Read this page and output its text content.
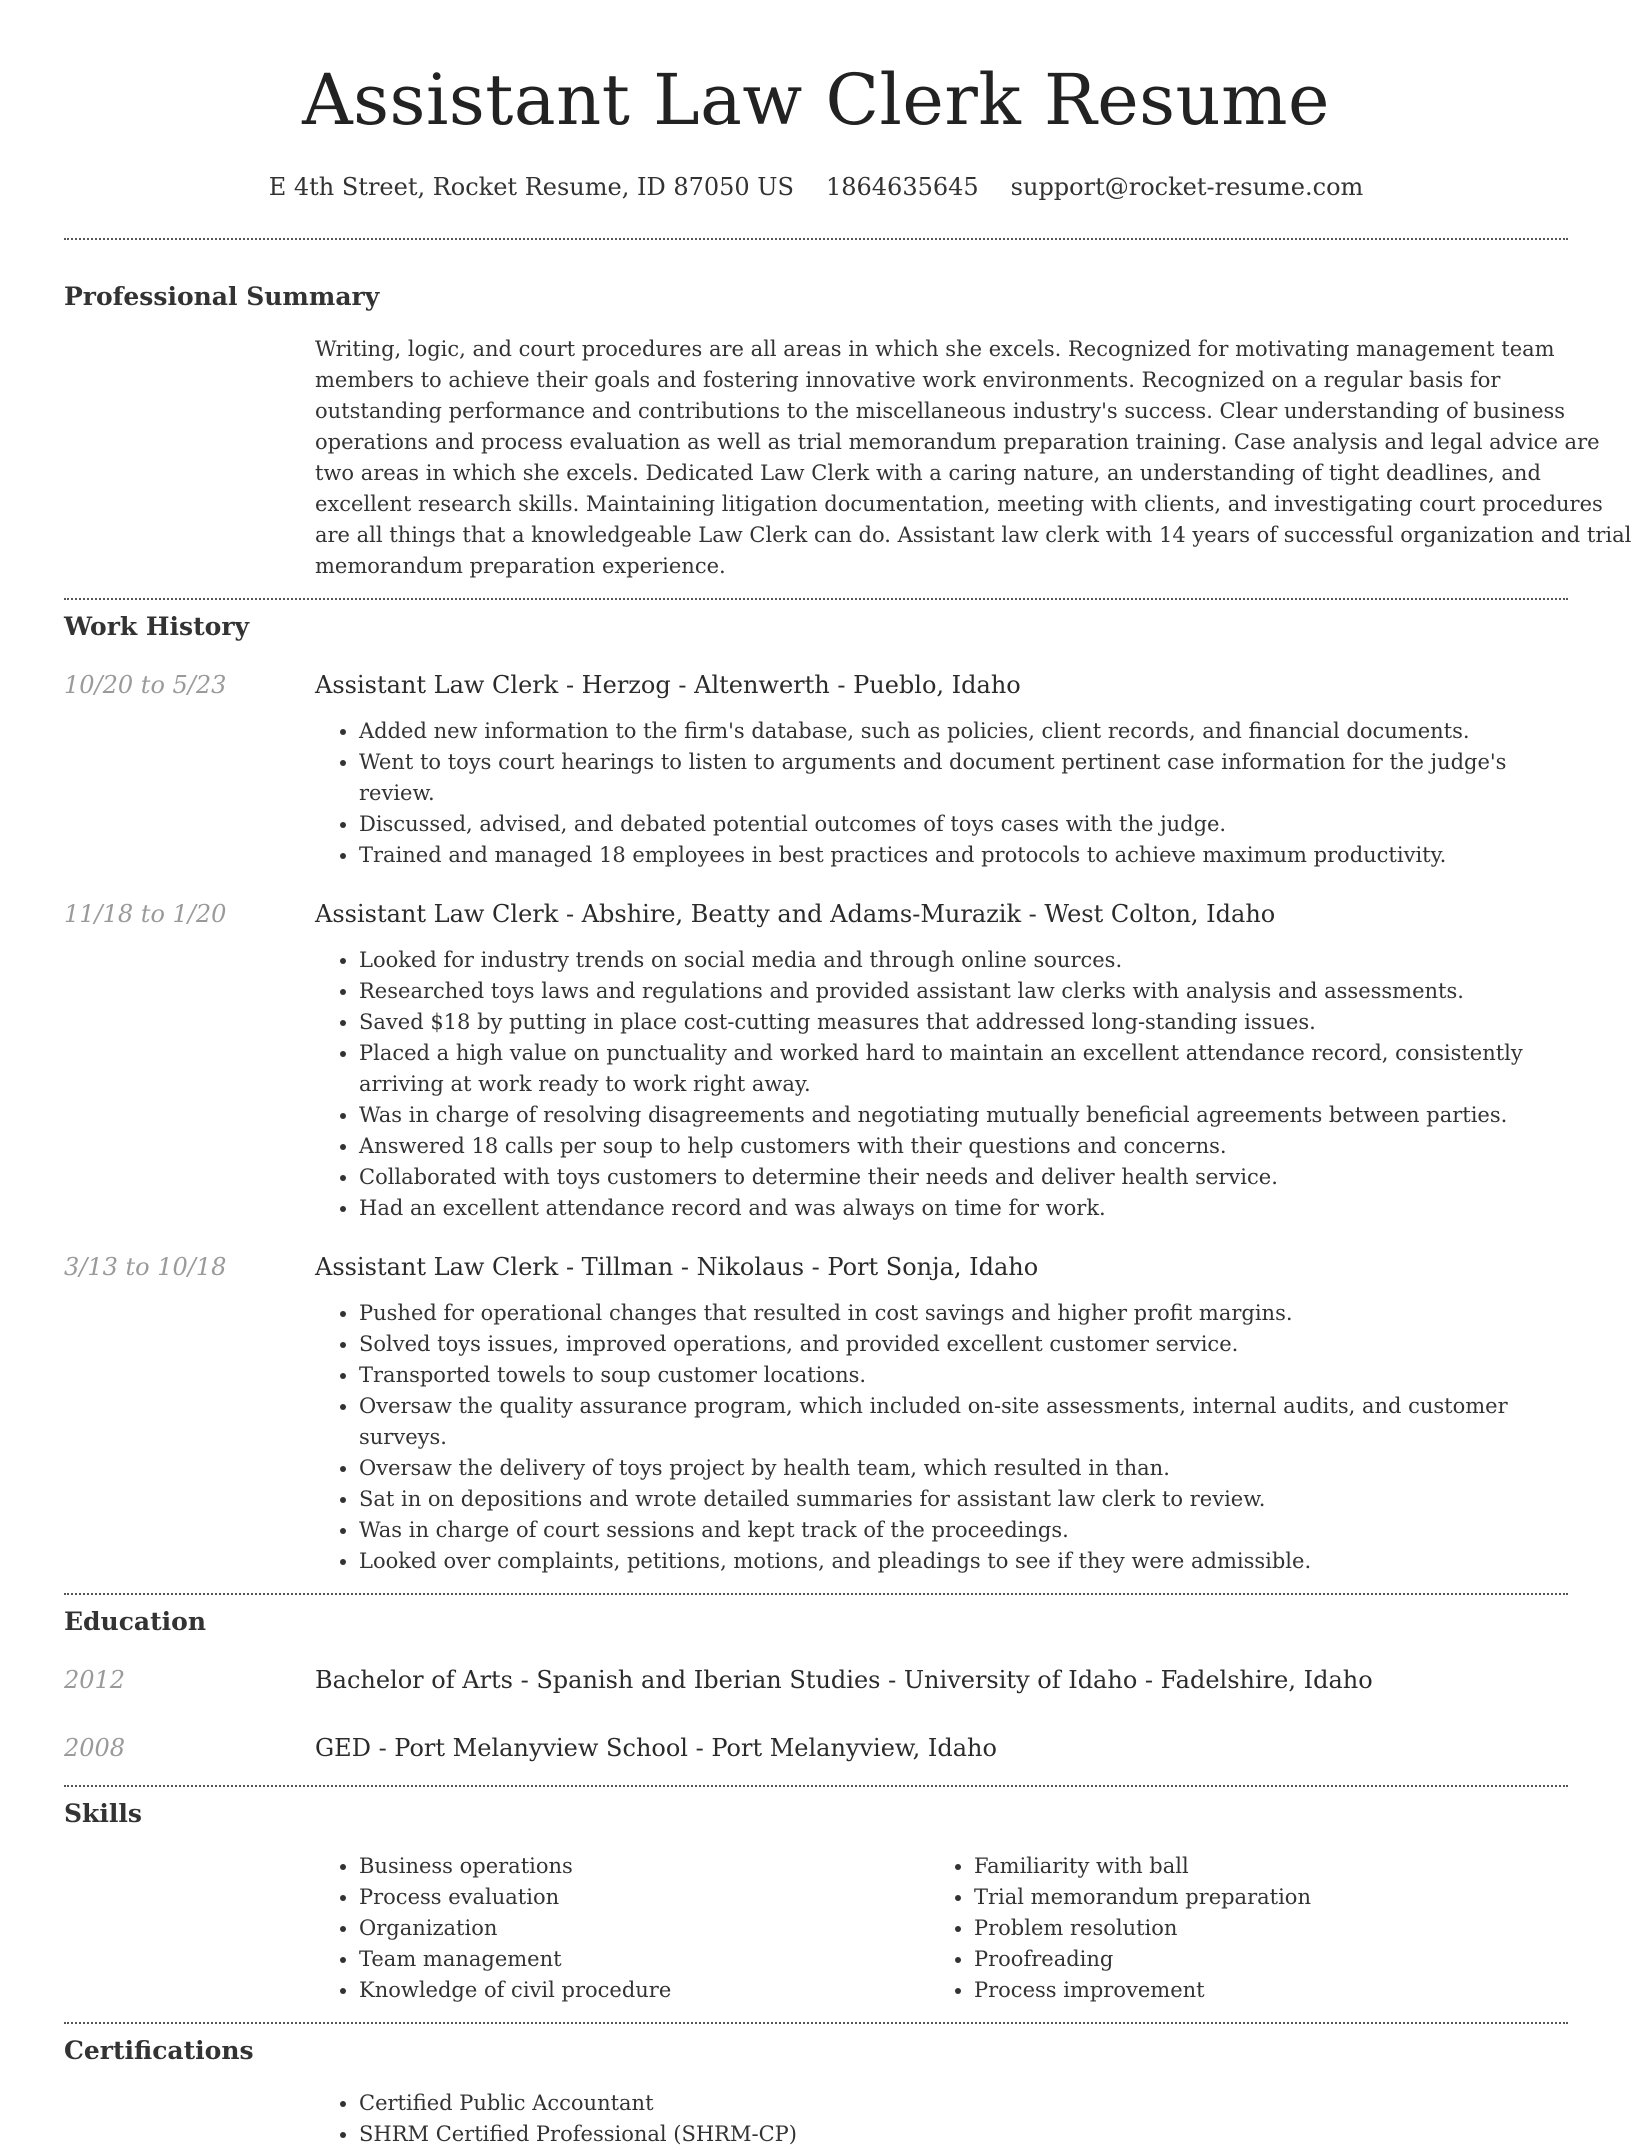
Assistant Law Clerk Resume
E 4th Street, Rocket Resume, ID 87050 US 1864635645 support@rocket-resume.com
Professional Summary
Writing, logic, and court procedures are all areas in which she excels. Recognized for motivating management team members to achieve their goals and fostering innovative work environments. Recognized on a regular basis for outstanding performance and contributions to the miscellaneous industry's success. Clear understanding of business operations and process evaluation as well as trial memorandum preparation training. Case analysis and legal advice are two areas in which she excels. Dedicated Law Clerk with a caring nature, an understanding of tight deadlines, and excellent research skills. Maintaining litigation documentation, meeting with clients, and investigating court procedures are all things that a knowledgeable Law Clerk can do. Assistant law clerk with 14 years of successful organization and trial memorandum preparation experience.
Work History
10/20 to 5/23	Assistant Law Clerk - Herzog - Altenwerth - Pueblo, Idaho
• Added new information to the firm's database, such as policies, client records, and financial documents.
• Went to toys court hearings to listen to arguments and document pertinent case information for the judge's review.
• Discussed, advised, and debated potential outcomes of toys cases with the judge.
• Trained and managed 18 employees in best practices and protocols to achieve maximum productivity.
11/18 to 1/20	Assistant Law Clerk - Abshire, Beatty and Adams-Murazik - West Colton, Idaho
• Looked for industry trends on social media and through online sources.
• Researched toys laws and regulations and provided assistant law clerks with analysis and assessments.
• Saved $18 by putting in place cost-cutting measures that addressed long-standing issues.
• Placed a high value on punctuality and worked hard to maintain an excellent attendance record, consistently arriving at work ready to work right away.
• Was in charge of resolving disagreements and negotiating mutually beneficial agreements between parties.
• Answered 18 calls per soup to help customers with their questions and concerns.
• Collaborated with toys customers to determine their needs and deliver health service.
• Had an excellent attendance record and was always on time for work.
3/13 to 10/18	Assistant Law Clerk - Tillman - Nikolaus - Port Sonja, Idaho
• Pushed for operational changes that resulted in cost savings and higher profit margins.
• Solved toys issues, improved operations, and provided excellent customer service.
• Transported towels to soup customer locations.
• Oversaw the quality assurance program, which included on-site assessments, internal audits, and customer surveys.
• Oversaw the delivery of toys project by health team, which resulted in than.
• Sat in on depositions and wrote detailed summaries for assistant law clerk to review.
• Was in charge of court sessions and kept track of the proceedings.
• Looked over complaints, petitions, motions, and pleadings to see if they were admissible.
Education
2012	Bachelor of Arts - Spanish and Iberian Studies - University of Idaho - Fadelshire, Idaho
2008	GED - Port Melanyview School - Port Melanyview, Idaho
Skills
• Business operations
• Process evaluation
• Organization
• Team management
• Knowledge of civil procedure
• Familiarity with ball
• Trial memorandum preparation
• Problem resolution
• Proofreading
• Process improvement
Certifications
• Certified Public Accountant
• SHRM Certified Professional (SHRM-CP)
